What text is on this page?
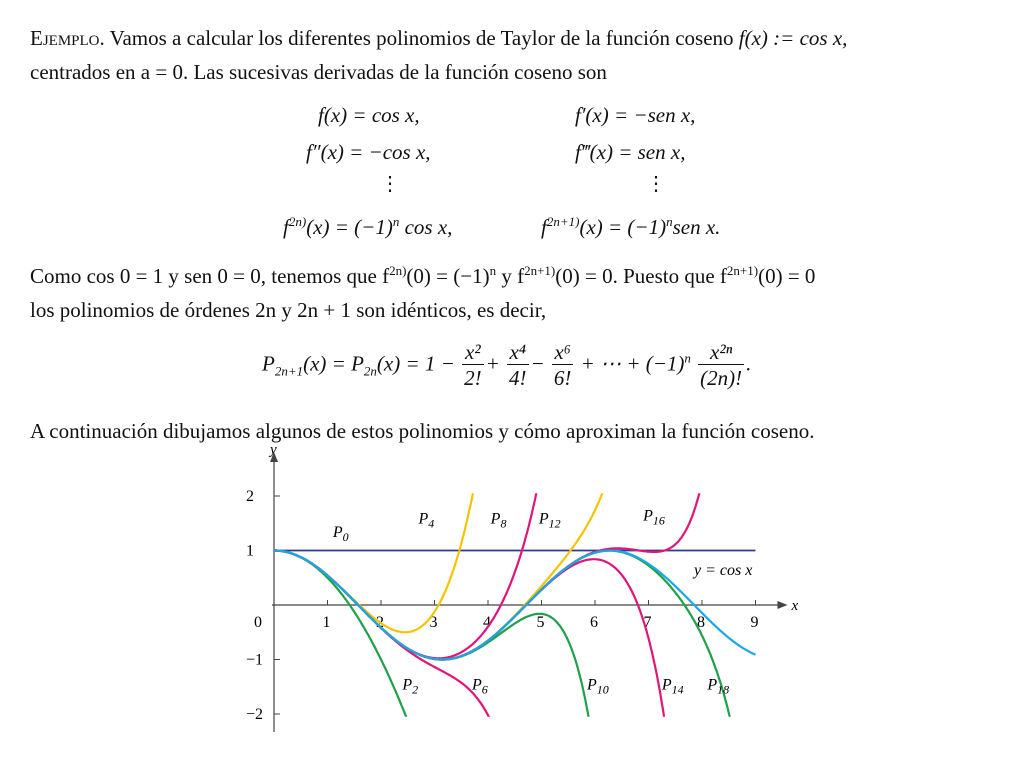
Ejemplo. Vamos a calcular los diferentes polinomios de Taylor de la función coseno f(x) := cos x,
centrados en a = 0. Las sucesivas derivadas de la función coseno son
f(x) = cos x,	f′(x) = −sen x,
f″(x) = −cos x,	f‴(x) = sen x,
⋮	⋮
$f^{2n)}(x) = (-1)^n$ cos x,	$f^{2n+1)}(x) = (-1)^nsen$ x.
Como cos 0 = 1 y sen 0 = 0, tenemos que $f^{2n)}(0) = (-1)^n$ y $f^{2n+1)}(0) = 0$. Puesto que $f^{2n+1)}(0) = 0$
los polinomios de órdenes 2n y 2n + 1 son idénticos, es decir,
$P_{2n+1}(x) = P_{2n}(x) = 1 - \frac{\text{x²}}{2!} + \frac{\text{x⁴}}{4!} - \frac{\text{x⁶}}{6!}$ + ⋯ + $(-1)^n \frac{\text{x²ⁿ}}{(2n)!}$ .
A continuación dibujamos algunos de estos polinomios y cómo aproximan la función coseno.
x
y
0	1	2	3	4	5	6	7	8	9
2
1
−1
−2
$P_0$
$P_2$
$P_4$
$P_6$
$P_8$
$P_{10}$
$P_{12}$
$P_{14}$
$P_{16}$
$P_{18}$
y = cos x
